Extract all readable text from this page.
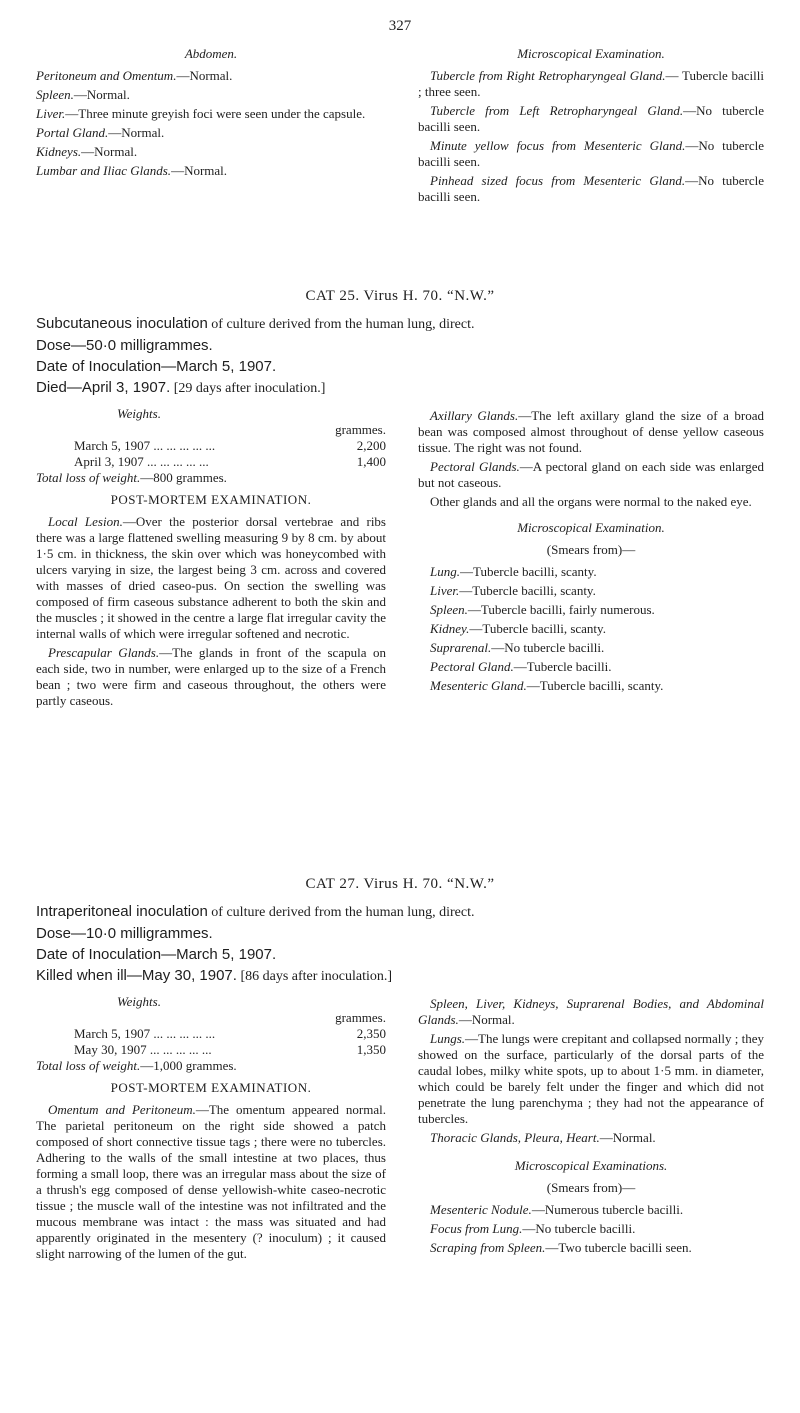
327

Abdomen.

Peritoneum and Omentum.—Normal.

Spleen.—Normal.

Liver.—Three minute greyish foci were seen under the capsule.

Portal Gland.—Normal.

Kidneys.—Normal.

Lumbar and Iliac Glands.—Normal.

Microscopical Examination.

Tubercle from Right Retropharyngeal Gland.— Tubercle bacilli ; three seen.

Tubercle from Left Retropharyngeal Gland.—No tubercle bacilli seen.

Minute yellow focus from Mesenteric Gland.—No tubercle bacilli seen.

Pinhead sized focus from Mesenteric Gland.—No tubercle bacilli seen.

CAT 25. Virus H. 70. “N.W.”
Subcutaneous inoculation of culture derived from the human lung, direct.
Dose—50·0 milligrammes.
Date of Inoculation—March 5, 1907.
Died—April 3, 1907. [29 days after inoculation.]
Weights.
	grammes.
March 5, 1907 ... ... ... ... ...	2,200
April 3, 1907 ... ... ... ... ...	1,400

Total loss of weight.—800 grammes.

POST-MORTEM EXAMINATION.

Local Lesion.—Over the posterior dorsal vertebrae and ribs there was a large flattened swelling measuring 9 by 8 cm. by about 1·5 cm. in thickness, the skin over which was honeycombed with ulcers varying in size, the largest being 3 cm. across and covered with masses of dried caseo-pus. On section the swelling was composed of firm caseous substance adherent to both the skin and the muscles ; it showed in the centre a large flat irregular cavity the internal walls of which were irregular softened and necrotic.

Prescapular Glands.—The glands in front of the scapula on each side, two in number, were enlarged up to the size of a French bean ; two were firm and caseous throughout, the others were partly caseous.

Axillary Glands.—The left axillary gland the size of a broad bean was composed almost throughout of dense yellow caseous tissue. The right was not found.

Pectoral Glands.—A pectoral gland on each side was enlarged but not caseous.

Other glands and all the organs were normal to the naked eye.

Microscopical Examination.

(Smears from)—

Lung.—Tubercle bacilli, scanty.

Liver.—Tubercle bacilli, scanty.

Spleen.—Tubercle bacilli, fairly numerous.

Kidney.—Tubercle bacilli, scanty.

Suprarenal.—No tubercle bacilli.

Pectoral Gland.—Tubercle bacilli.

Mesenteric Gland.—Tubercle bacilli, scanty.

CAT 27. Virus H. 70. “N.W.”
Intraperitoneal inoculation of culture derived from the human lung, direct.
Dose—10·0 milligrammes.
Date of Inoculation—March 5, 1907.
Killed when ill—May 30, 1907. [86 days after inoculation.]
Weights.
	grammes.
March 5, 1907 ... ... ... ... ...	2,350
May 30, 1907 ... ... ... ... ...	1,350

Total loss of weight.—1,000 grammes.

POST-MORTEM EXAMINATION.

Omentum and Peritoneum.—The omentum appeared normal. The parietal peritoneum on the right side showed a patch composed of short connective tissue tags ; there were no tubercles. Adhering to the walls of the small intestine at two places, thus forming a small loop, there was an irregular mass about the size of a thrush's egg composed of dense yellowish-white caseo-necrotic tissue ; the muscle wall of the intestine was not infiltrated and the mucous membrane was intact : the mass was situated and had apparently originated in the mesentery (? inoculum) ; it caused slight narrowing of the lumen of the gut.

Spleen, Liver, Kidneys, Suprarenal Bodies, and Abdominal Glands.—Normal.

Lungs.—The lungs were crepitant and collapsed normally ; they showed on the surface, particularly of the dorsal parts of the caudal lobes, milky white spots, up to about 1·5 mm. in diameter, which could be barely felt under the finger and which did not penetrate the lung parenchyma ; they had not the appearance of tubercles.

Thoracic Glands, Pleura, Heart.—Normal.

Microscopical Examinations.

(Smears from)—

Mesenteric Nodule.—Numerous tubercle bacilli.

Focus from Lung.—No tubercle bacilli.

Scraping from Spleen.—Two tubercle bacilli seen.
